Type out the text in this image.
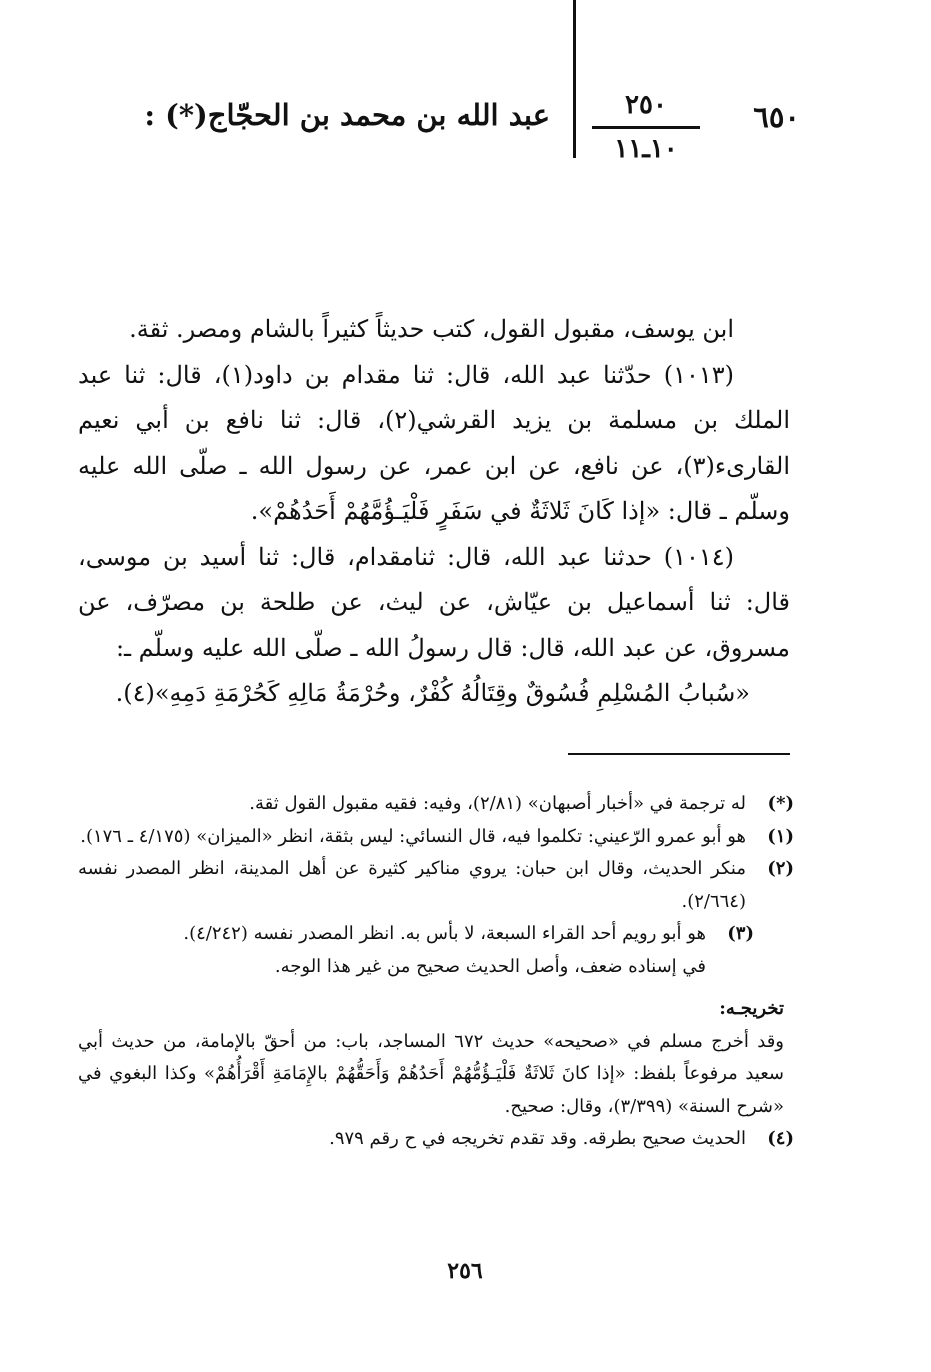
٦٥٠
٢٥٠
١٠ـ١١
عبد الله بن محمد بن الحجّاج(*) :

ابن يوسف، مقبول القول، كتب حديثاً كثيراً بالشام ومصر. ثقة.

(١٠١٣) حدّثنا عبد الله، قال: ثنا مقدام بن داود(١)، قال: ثنا عبد الملك بن مسلمة بن يزيد القرشي(٢)، قال: ثنا نافع بن أبي نعيم القارىء(٣)، عن نافع، عن ابن عمر، عن رسول الله ـ صلّى الله عليه وسلّم ـ قال: «إذا كَانَ ثَلاثَةٌ في سَفَرٍ فَلْيَـؤُمَّهُمْ أَحَدُهُمْ».

(١٠١٤) حدثنا عبد الله، قال: ثنامقدام، قال: ثنا أسيد بن موسى، قال: ثنا أسماعيل بن عيّاش، عن ليث، عن طلحة بن مصرّف، عن مسروق، عن عبد الله، قال: قال رسولُ الله ـ صلّى الله عليه وسلّم ـ:

«سُبابُ المُسْلِمِ فُسُوقٌ وقِتَالُهُ كُفْرٌ، وحُرْمَةُ مَالِهِ كَحُرْمَةِ دَمِهِ»(٤).

(*)
له ترجمة في «أخبار أصبهان» (٢/٨١)، وفيه: فقيه مقبول القول ثقة.
(١)
هو أبو عمرو الرّعيني: تكلموا فيه، قال النسائي: ليس بثقة، انظر «الميزان» (٤/١٧٥ ـ ١٧٦).
(٢)
منكر الحديث، وقال ابن حبان: يروي مناكير كثيرة عن أهل المدينة، انظر المصدر نفسه (٢/٦٦٤).
(٣)
هو أبو رويم أحد القراء السبعة، لا بأس به. انظر المصدر نفسه (٤/٢٤٢).

في إسناده ضعف، وأصل الحديث صحيح من غير هذا الوجه.

تخريجـه:

وقد أخرج مسلم في «صحيحه» حديث ٦٧٢ المساجد، باب: من أحقّ بالإمامة، من حديث أبي سعيد مرفوعاً بلفظ: «إذا كانَ ثَلاثَةٌ فَلْيَـؤُمُّهُمْ أَحَدُهُمْ وَأَحَقُّهُمْ بالإِمَامَةِ أَقْرَأُهُمْ» وكذا البغوي في «شرح السنة» (٣/٣٩٩)، وقال: صحيح.

(٤)
الحديث صحيح بطرقه. وقد تقدم تخريجه في ح رقم ٩٧٩.
٢٥٦
